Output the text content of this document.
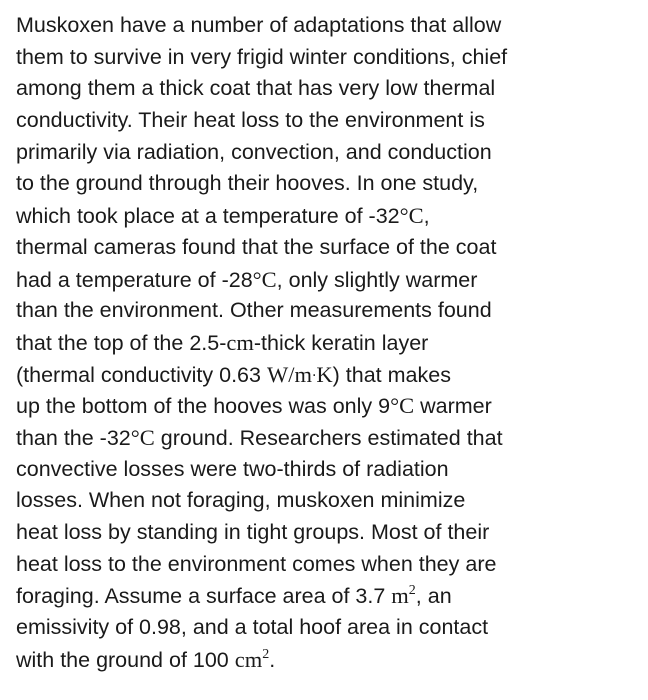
Muskoxen have a number of adaptations that allow
them to survive in very frigid winter conditions, chief
among them a thick coat that has very low thermal
conductivity. Their heat loss to the environment is
primarily via radiation, convection, and conduction
to the ground through their hooves. In one study,
which took place at a temperature of -32°C,
thermal cameras found that the surface of the coat
had a temperature of -28°C, only slightly warmer
than the environment. Other measurements found
that the top of the 2.5-cm-thick keratin layer
(thermal conductivity 0.63 W/m·K) that makes
up the bottom of the hooves was only 9°C warmer
than the -32°C ground. Researchers estimated that
convective losses were two-thirds of radiation
losses. When not foraging, muskoxen minimize
heat loss by standing in tight groups. Most of their
heat loss to the environment comes when they are
foraging. Assume a surface area of 3.7 $m^2$, an
emissivity of 0.98, and a total hoof area in contact
with the ground of 100 $cm^2$.
